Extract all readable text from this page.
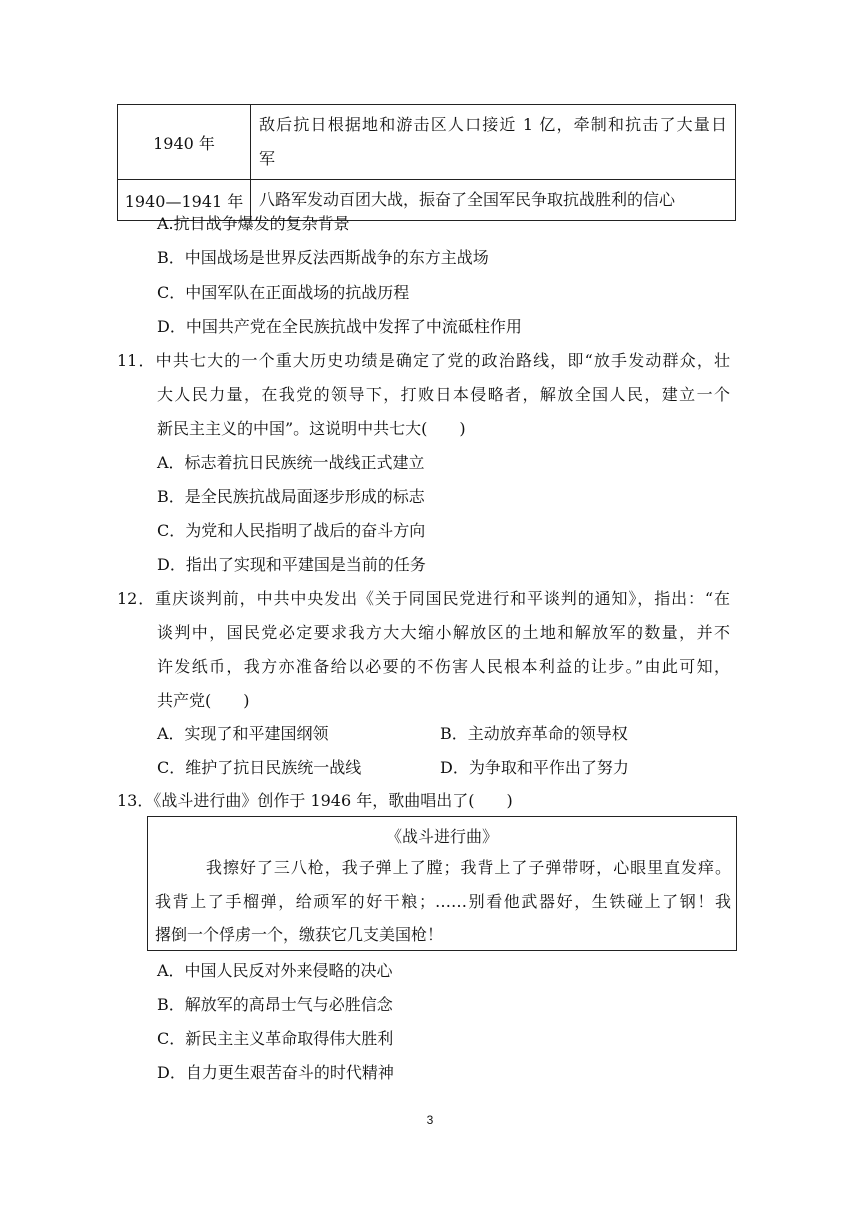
1940 年	敌后抗日根据地和游击区人口接近 1 亿，牵制和抗击了大量日
军

1940—1941 年	八路军发动百团大战，振奋了全国军民争取抗战胜利的信心
A.抗日战争爆发的复杂背景
B．中国战场是世界反法西斯战争的东方主战场
C．中国军队在正面战场的抗战历程
D．中国共产党在全民族抗战中发挥了中流砥柱作用
11．中共七大的一个重大历史功绩是确定了党的政治路线，即“放手发动群众，壮
大人民力量，在我党的领导下，打败日本侵略者，解放全国人民，建立一个
新民主主义的中国”。这说明中共七大(　　)
A．标志着抗日民族统一战线正式建立
B．是全民族抗战局面逐步形成的标志
C．为党和人民指明了战后的奋斗方向
D．指出了实现和平建国是当前的任务
12．重庆谈判前，中共中央发出《关于同国民党进行和平谈判的通知》，指出：“在
谈判中，国民党必定要求我方大大缩小解放区的土地和解放军的数量，并不
许发纸币，我方亦准备给以必要的不伤害人民根本利益的让步。”由此可知，
共产党(　　)
A．实现了和平建国纲领	B．主动放弃革命的领导权
C．维护了抗日民族统一战线	D．为争取和平作出了努力
13．《战斗进行曲》创作于 1946 年，歌曲唱出了(　　)
《战斗进行曲》
我擦好了三八枪，我子弹上了膛；我背上了子弹带呀，心眼里直发痒。
我背上了手榴弹，给顽军的好干粮；……别看他武器好，生铁碰上了钢！我
撂倒一个俘虏一个，缴获它几支美国枪！
A．中国人民反对外来侵略的决心
B．解放军的高昂士气与必胜信念
C．新民主主义革命取得伟大胜利
D．自力更生艰苦奋斗的时代精神
3
